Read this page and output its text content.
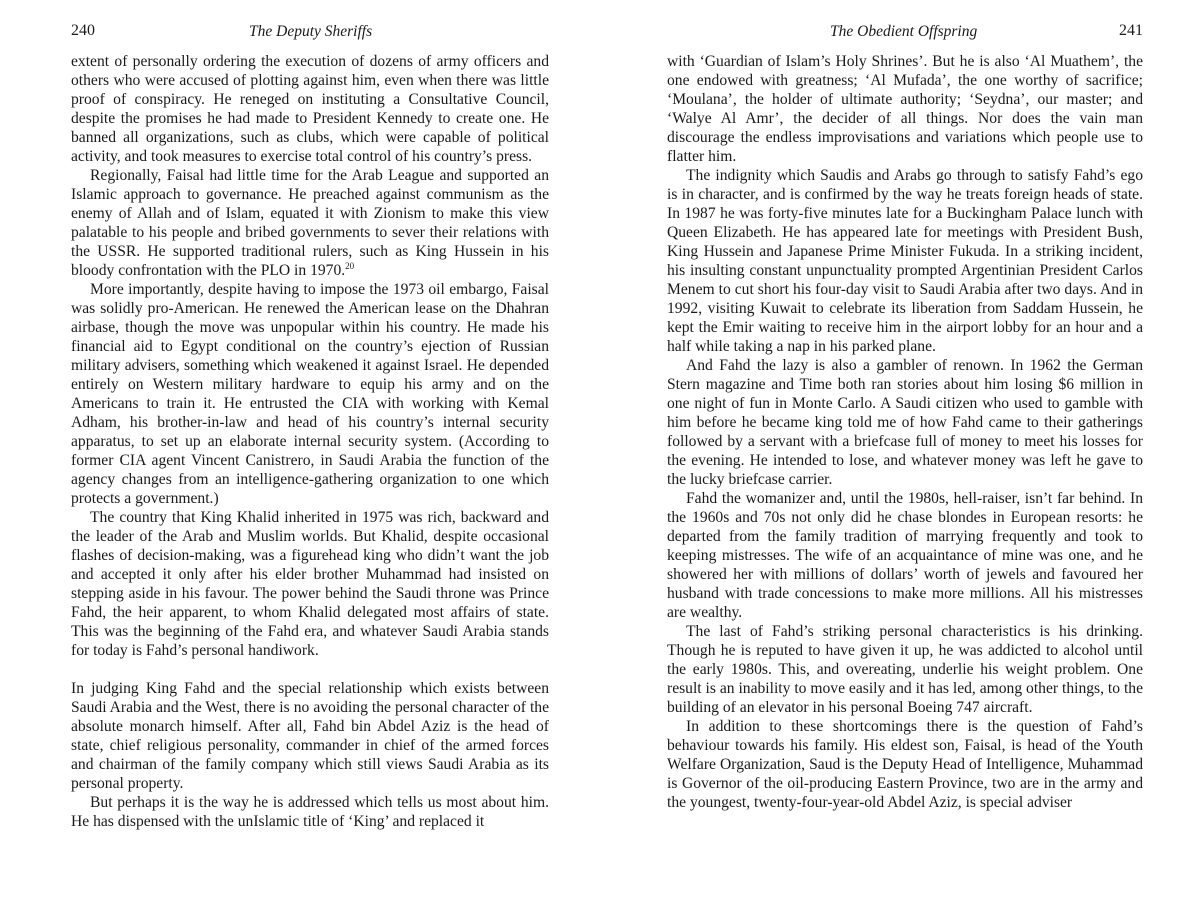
240	The Deputy Sheriffs

extent of personally ordering the execution of dozens of army officers and others who were accused of plotting against him, even when there was little proof of conspiracy. He reneged on instituting a Consultative Council, despite the promises he had made to President Kennedy to create one. He banned all organizations, such as clubs, which were capable of political activity, and took measures to exercise total control of his country’s press.

Regionally, Faisal had little time for the Arab League and supported an Islamic approach to governance. He preached against communism as the enemy of Allah and of Islam, equated it with Zionism to make this view palatable to his people and bribed governments to sever their relations with the USSR. He supported traditional rulers, such as King Hussein in his bloody confrontation with the PLO in 1970.20

More importantly, despite having to impose the 1973 oil embargo, Faisal was solidly pro-American. He renewed the American lease on the Dhahran airbase, though the move was unpopular within his country. He made his financial aid to Egypt conditional on the country’s ejection of Russian military advisers, something which weakened it against Israel. He depended entirely on Western military hardware to equip his army and on the Americans to train it. He entrusted the CIA with working with Kemal Adham, his brother-in-law and head of his country’s internal security apparatus, to set up an elaborate internal security system. (According to former CIA agent Vincent Canistrero, in Saudi Arabia the function of the agency changes from an intelligence-gathering organization to one which protects a government.)

The country that King Khalid inherited in 1975 was rich, backward and the leader of the Arab and Muslim worlds. But Khalid, despite occasional flashes of decision-making, was a figurehead king who didn’t want the job and accepted it only after his elder brother Muhammad had insisted on stepping aside in his favour. The power behind the Saudi throne was Prince Fahd, the heir apparent, to whom Khalid delegated most affairs of state. This was the beginning of the Fahd era, and whatever Saudi Arabia stands for today is Fahd’s personal handiwork.

In judging King Fahd and the special relationship which exists between Saudi Arabia and the West, there is no avoiding the personal character of the absolute monarch himself. After all, Fahd bin Abdel Aziz is the head of state, chief religious personality, commander in chief of the armed forces and chairman of the family company which still views Saudi Arabia as its personal property.

But perhaps it is the way he is addressed which tells us most about him. He has dispensed with the unIslamic title of ‘King’ and replaced it

The Obedient Offspring	241

with ‘Guardian of Islam’s Holy Shrines’. But he is also ‘Al Muathem’, the one endowed with greatness; ‘Al Mufada’, the one worthy of sacrifice; ‘Moulana’, the holder of ultimate authority; ‘Seydna’, our master; and ‘Walye Al Amr’, the decider of all things. Nor does the vain man discourage the endless improvisations and variations which people use to flatter him.

The indignity which Saudis and Arabs go through to satisfy Fahd’s ego is in character, and is confirmed by the way he treats foreign heads of state. In 1987 he was forty-five minutes late for a Buckingham Palace lunch with Queen Elizabeth. He has appeared late for meetings with President Bush, King Hussein and Japanese Prime Minister Fukuda. In a striking incident, his insulting constant unpunctuality prompted Argentinian President Carlos Menem to cut short his four-day visit to Saudi Arabia after two days. And in 1992, visiting Kuwait to celebrate its liberation from Saddam Hussein, he kept the Emir waiting to receive him in the airport lobby for an hour and a half while taking a nap in his parked plane.

And Fahd the lazy is also a gambler of renown. In 1962 the German Stern magazine and Time both ran stories about him losing $6 million in one night of fun in Monte Carlo. A Saudi citizen who used to gamble with him before he became king told me of how Fahd came to their gatherings followed by a servant with a briefcase full of money to meet his losses for the evening. He intended to lose, and whatever money was left he gave to the lucky briefcase carrier.

Fahd the womanizer and, until the 1980s, hell-raiser, isn’t far behind. In the 1960s and 70s not only did he chase blondes in European resorts: he departed from the family tradition of marrying frequently and took to keeping mistresses. The wife of an acquaintance of mine was one, and he showered her with millions of dollars’ worth of jewels and favoured her husband with trade concessions to make more millions. All his mistresses are wealthy.

The last of Fahd’s striking personal characteristics is his drinking. Though he is reputed to have given it up, he was addicted to alcohol until the early 1980s. This, and overeating, underlie his weight problem. One result is an inability to move easily and it has led, among other things, to the building of an elevator in his personal Boeing 747 aircraft.

In addition to these shortcomings there is the question of Fahd’s behaviour towards his family. His eldest son, Faisal, is head of the Youth Welfare Organization, Saud is the Deputy Head of Intelligence, Muhammad is Governor of the oil-producing Eastern Province, two are in the army and the youngest, twenty-four-year-old Abdel Aziz, is special adviser
